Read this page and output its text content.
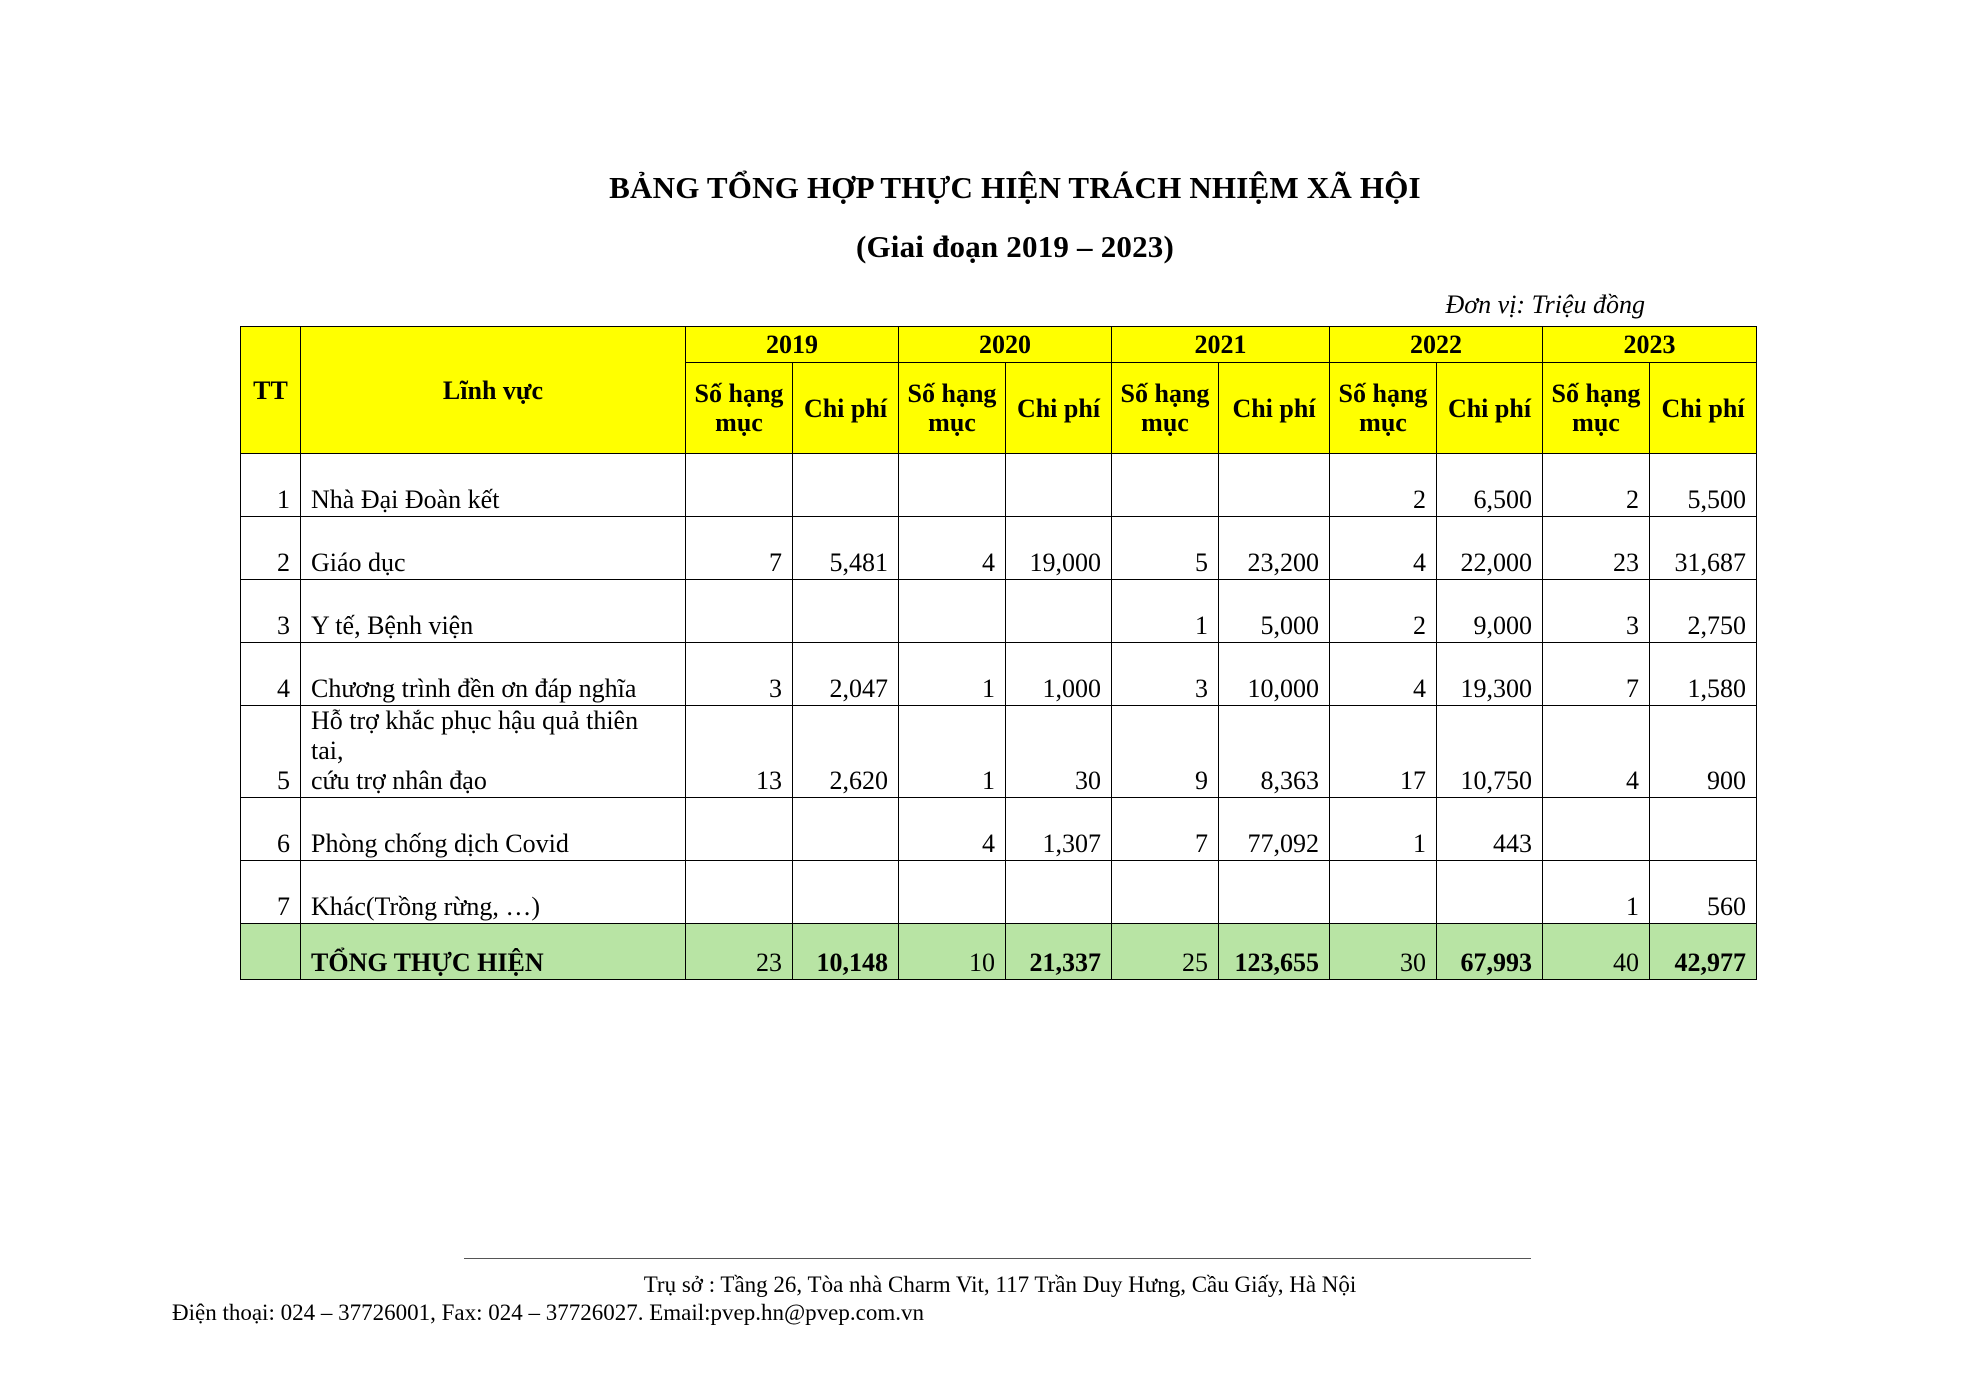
BẢNG TỔNG HỢP THỰC HIỆN TRÁCH NHIỆM XÃ HỘI
(Giai đoạn 2019 – 2023)
Đơn vị: Triệu đồng
TT	Lĩnh vực	2019		2020		2021		2022		2023	
		Số hạng mục	Chi phí	Số hạng mục	Chi phí	Số hạng mục	Chi phí	Số hạng mục	Chi phí	Số hạng mục	Chi phí
1	Nhà Đại Đoàn kết							2	6,500	2	5,500
2	Giáo dục	7	5,481	4	19,000	5	23,200	4	22,000	23	31,687
3	Y tế, Bệnh viện					1	5,000	2	9,000	3	2,750
4	Chương trình đền ơn đáp nghĩa	3	2,047	1	1,000	3	10,000	4	19,300	7	1,580
5	Hỗ trợ khắc phục hậu quả thiên tai,
cứu trợ nhân đạo	13	2,620	1	30	9	8,363	17	10,750	4	900
6	Phòng chống dịch Covid			4	1,307	7	77,092	1	443		
7	Khác(Trồng rừng, …)									1	560
	TỔNG THỰC HIỆN	23	10,148	10	21,337	25	123,655	30	67,993	40	42,977
Trụ sở : Tầng 26, Tòa nhà Charm Vit, 117 Trần Duy Hưng, Cầu Giấy, Hà Nội
Điện thoại: 024 – 37726001, Fax: 024 – 37726027. Email:pvep.hn@pvep.com.vn
